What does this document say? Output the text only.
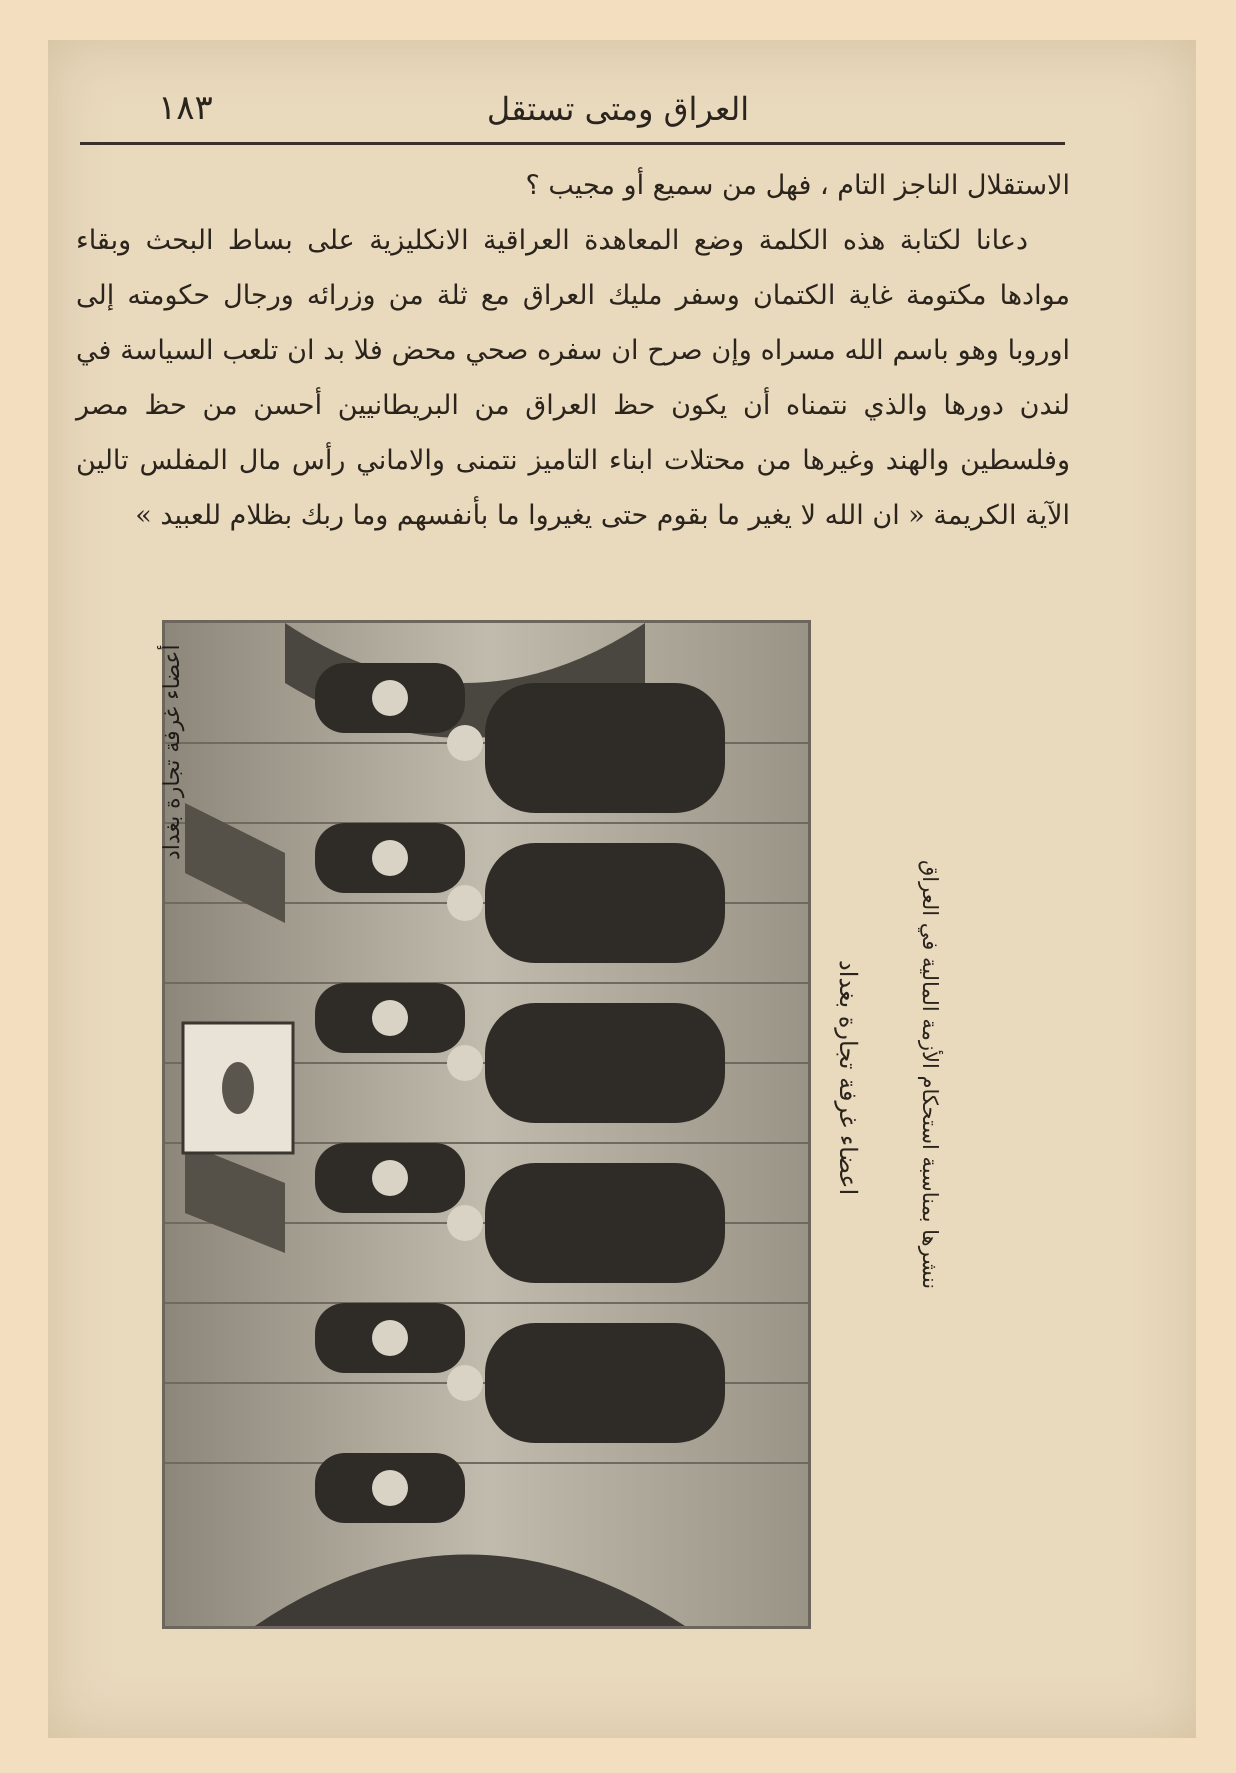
العراق ومتى تستقل
١٨٣

الاستقلال الناجز التام ، فهل من سميع أو مجيب ؟

دعانا لكتابة هذه الكلمة وضع المعاهدة العراقية الانكليزية على بساط البحث وبقاء موادها مكتومة غاية الكتمان وسفر مليك العراق مع ثلة من وزرائه ورجال حكومته إلى اوروبا وهو باسم الله مسراه وإن صرح ان سفره صحي محض فلا بد ان تلعب السياسة في لندن دورها والذي نتمناه أن يكون حظ العراق من البريطانيين أحسن من حظ مصر وفلسطين والهند وغيرها من محتلات ابناء التاميز نتمنى والاماني رأس مال المفلس تالين الآية الكريمة « ان الله لا يغير ما بقوم حتى يغيروا ما بأنفسهم وما ربك بظلام للعبيد »

أعضاء غرفة تجارة بغداد
اعضاء غرفة تجارة بغداد	ننشرها بمناسبة استحكام الأزمة المالية في العراق
